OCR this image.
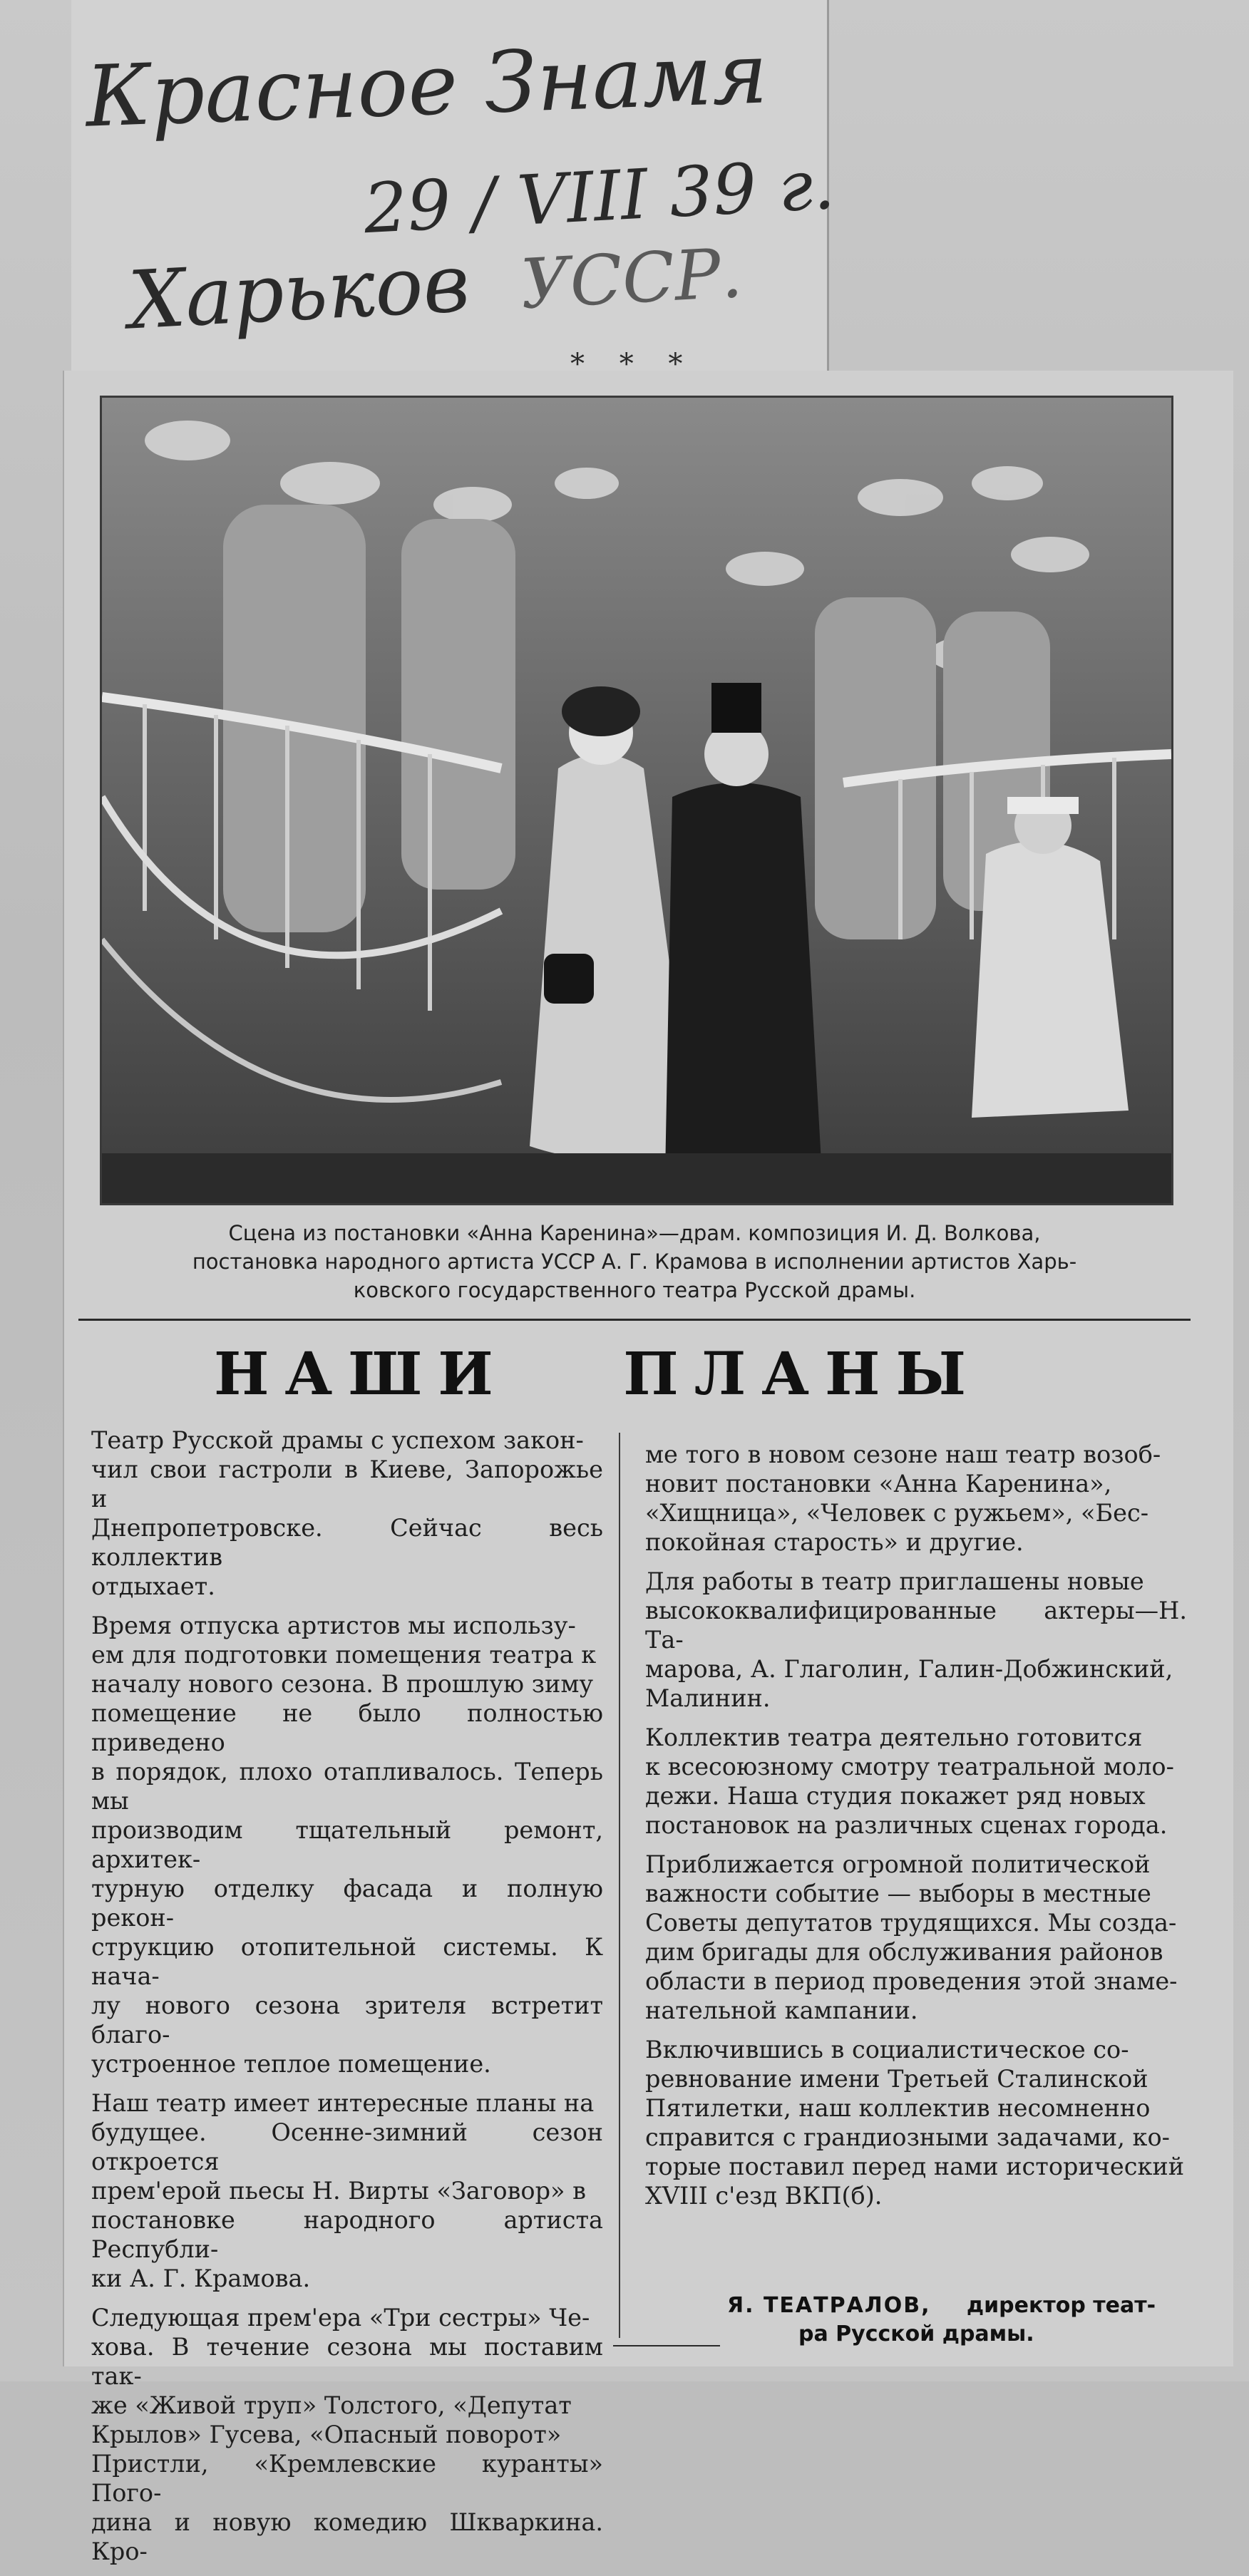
Красное Знамя
29 / VIII 39 г.
Харьков УССР.
* * *
Сцена из постановки «Анна Каренина»—драм. композиция И. Д. Волкова,
постановка народного артиста УССР А. Г. Крамова в исполнении артистов Харь-
ковского государственного театра Русской драмы.
НАШИ ПЛАНЫ

Театр Русской драмы с успехом закон-
чил свои гастроли в Киеве, Запорожье и
Днепропетровске. Сейчас весь коллектив
отдыхает.

Время отпуска артистов мы использу-
ем для подготовки помещения театра к
началу нового сезона. В прошлую зиму
помещение не было полностью приведено
в порядок, плохо отапливалось. Теперь мы
производим тщательный ремонт, архитек-
турную отделку фасада и полную рекон-
струкцию отопительной системы. К нача-
лу нового сезона зрителя встретит благо-
устроенное теплое помещение.

Наш театр имеет интересные планы на
будущее. Осенне-зимний сезон откроется
прем'ерой пьесы Н. Вирты «Заговор» в
постановке народного артиста Республи-
ки А. Г. Крамова.

Следующая прем'ера «Три сестры» Че-
хова. В течение сезона мы поставим так-
же «Живой труп» Толстого, «Депутат
Крылов» Гусева, «Опасный поворот»
Пристли, «Кремлевские куранты» Пого-
дина и новую комедию Шкваркина. Кро-

ме того в новом сезоне наш театр возоб-
новит постановки «Анна Каренина»,
«Хищница», «Человек с ружьем», «Бес-
покойная старость» и другие.

Для работы в театр приглашены новые
высококвалифицированные актеры—Н. Та-
марова, А. Глаголин, Галин-Добжинский,
Малинин.

Коллектив театра деятельно готовится
к всесоюзному смотру театральной моло-
дежи. Наша студия покажет ряд новых
постановок на различных сценах города.

Приближается огромной политической
важности событие — выборы в местные
Советы депутатов трудящихся. Мы созда-
дим бригады для обслуживания районов
области в период проведения этой знаме-
нательной кампании.

Включившись в социалистическое со-
ревнование имени Третьей Сталинской
Пятилетки, наш коллектив несомненно
справится с грандиозными задачами, ко-
торые поставил перед нами исторический
XVIII с'езд ВКП(б).

Я. ТЕАТРАЛОВ, директор теат-
ра Русской драмы.
